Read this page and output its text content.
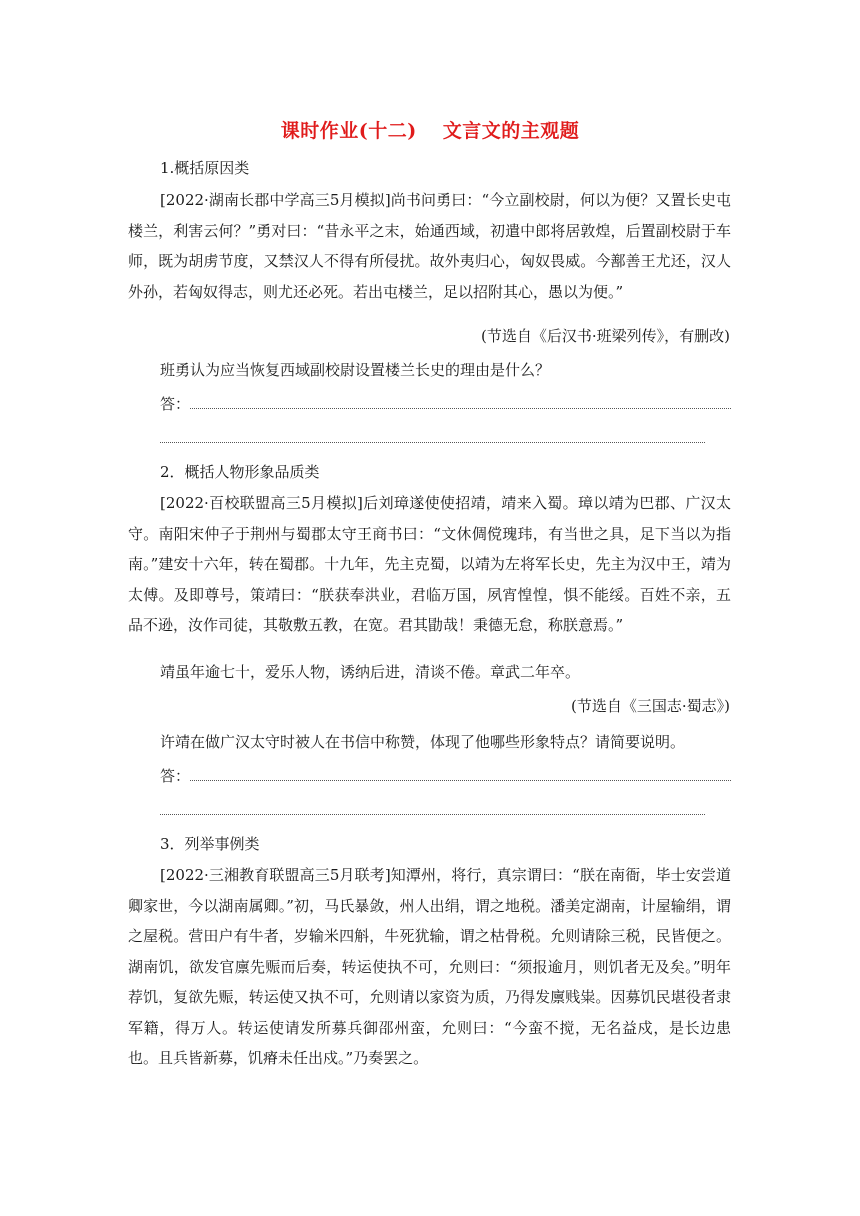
课时作业(十二) 文言文的主观题
1.概括原因类
[2022·湖南长郡中学高三5月模拟]尚书问勇曰：“今立副校尉，何以为便？又置长史屯楼兰，利害云何？”勇对曰：“昔永平之末，始通西域，初遣中郎将居敦煌，后置副校尉于车师，既为胡虏节度，又禁汉人不得有所侵扰。故外夷归心，匈奴畏威。今鄯善王尤还，汉人外孙，若匈奴得志，则尤还必死。若出屯楼兰，足以招附其心，愚以为便。”
(节选自《后汉书·班梁列传》，有删改)
班勇认为应当恢复西域副校尉设置楼兰长史的理由是什么？
答：
2．概括人物形象品质类
[2022·百校联盟高三5月模拟]后刘璋遂使使招靖，靖来入蜀。璋以靖为巴郡、广汉太守。南阳宋仲子于荆州与蜀郡太守王商书曰：“文休倜傥瑰玮，有当世之具，足下当以为指南。”建安十六年，转在蜀郡。十九年，先主克蜀，以靖为左将军长史，先主为汉中王，靖为太傅。及即尊号，策靖曰：“朕获奉洪业，君临万国，夙宵惶惶，惧不能绥。百姓不亲，五品不逊，汝作司徒，其敬敷五教，在宽。君其勖哉！秉德无怠，称朕意焉。”
靖虽年逾七十，爱乐人物，诱纳后进，清谈不倦。章武二年卒。
(节选自《三国志·蜀志》)
许靖在做广汉太守时被人在书信中称赞，体现了他哪些形象特点？请简要说明。
答：
3．列举事例类
[2022·三湘教育联盟高三5月联考]知潭州，将行，真宗谓曰：“朕在南衙，毕士安尝道卿家世，今以湖南属卿。”初，马氏暴敛，州人出绢，谓之地税。潘美定湖南，计屋输绢，谓之屋税。营田户有牛者，岁输米四斛，牛死犹输，谓之枯骨税。允则请除三税，民皆便之。湖南饥，欲发官廪先赈而后奏，转运使执不可，允则曰：“须报逾月，则饥者无及矣。”明年荐饥，复欲先赈，转运使又执不可，允则请以家资为质，乃得发廪贱粜。因募饥民堪役者隶军籍，得万人。转运使请发所募兵御邵州蛮，允则曰：“今蛮不搅，无名益戍，是长边患也。且兵皆新募，饥瘠未任出戍。”乃奏罢之。
